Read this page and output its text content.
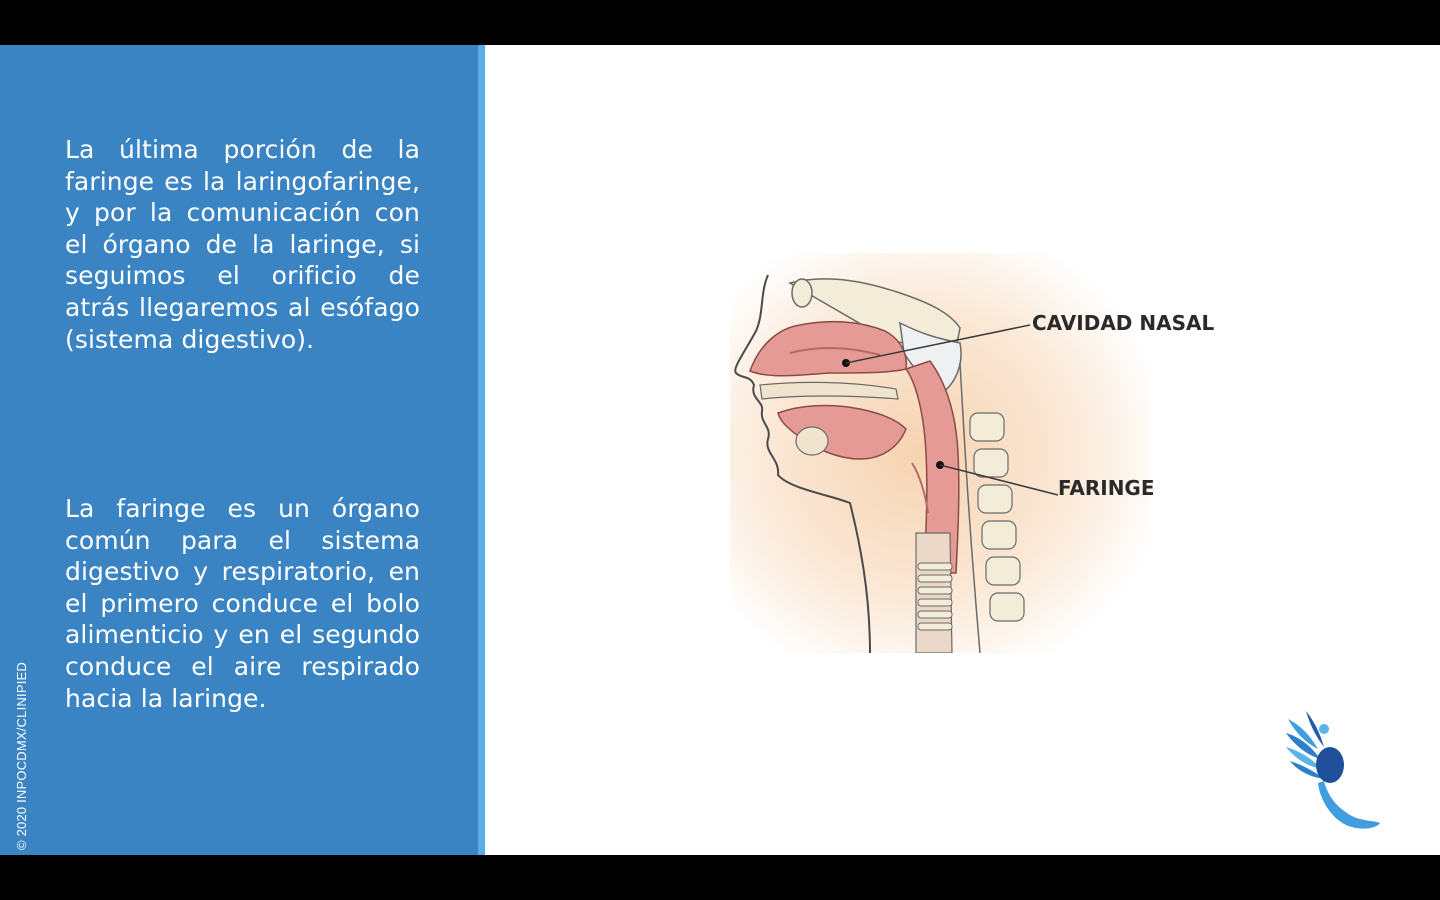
La última porción de la faringe es la laringofaringe, y por la comunicación con el órgano de la laringe, si seguimos el orificio de atrás llegaremos al esófago (sistema digestivo).

La faringe es un órgano común para el sistema digestivo y respiratorio, en el primero conduce el bolo alimenticio y en el segundo conduce el aire respirado hacia la laringe.

© 2020 INPOCDMX/CLINIPIED
CAVIDAD NASAL
FARINGE
